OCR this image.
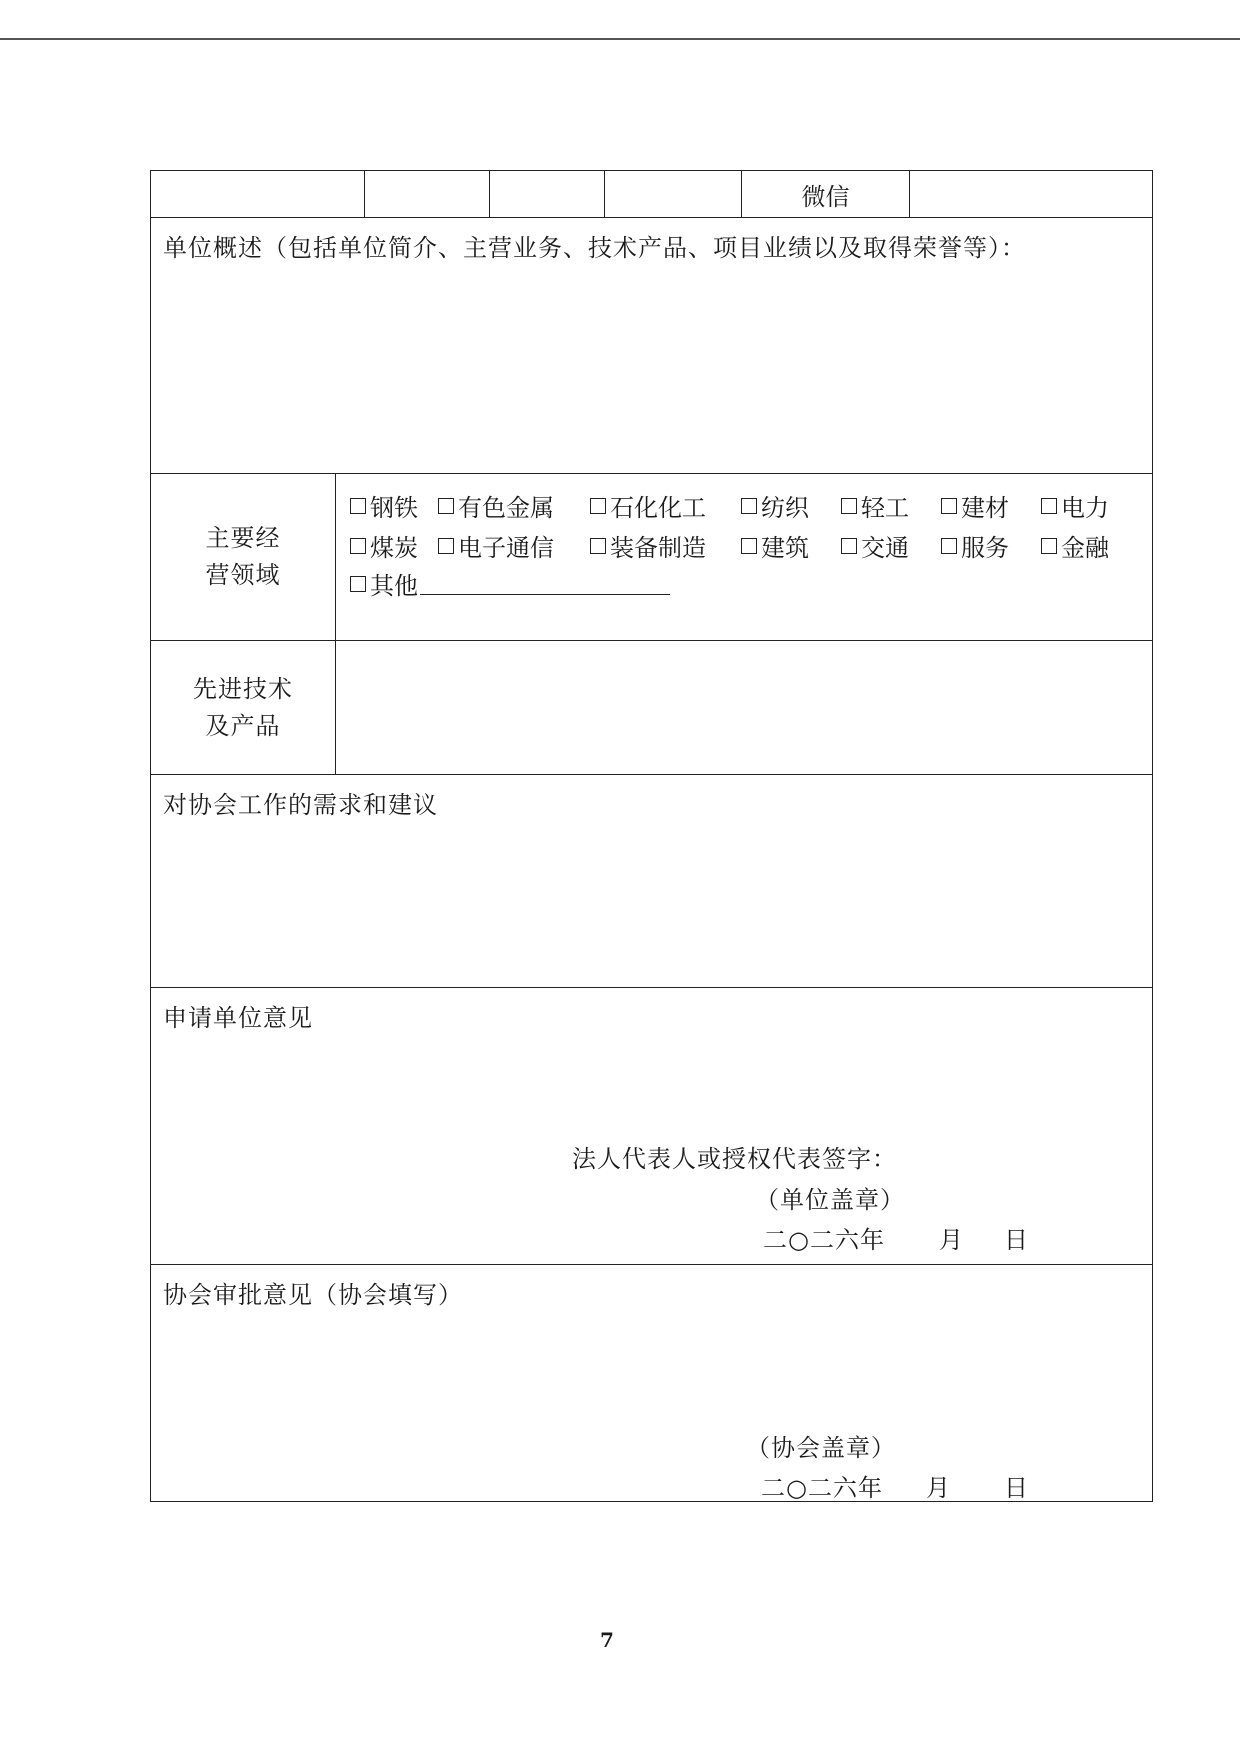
微信
单位概述（包括单位简介、主营业务、技术产品、项目业绩以及取得荣誉等）：
主要经
营领域
钢铁 有色金属 石化化工 纺织 轻工 建材 电力
煤炭 电子通信 装备制造 建筑 交通 服务 金融
其他
先进技术
及产品
对协会工作的需求和建议
申请单位意见
法人代表人或授权代表签字：
（单位盖章）
二○二六年 月 日
协会审批意见（协会填写）
（协会盖章）
二○二六年 月 日
7
